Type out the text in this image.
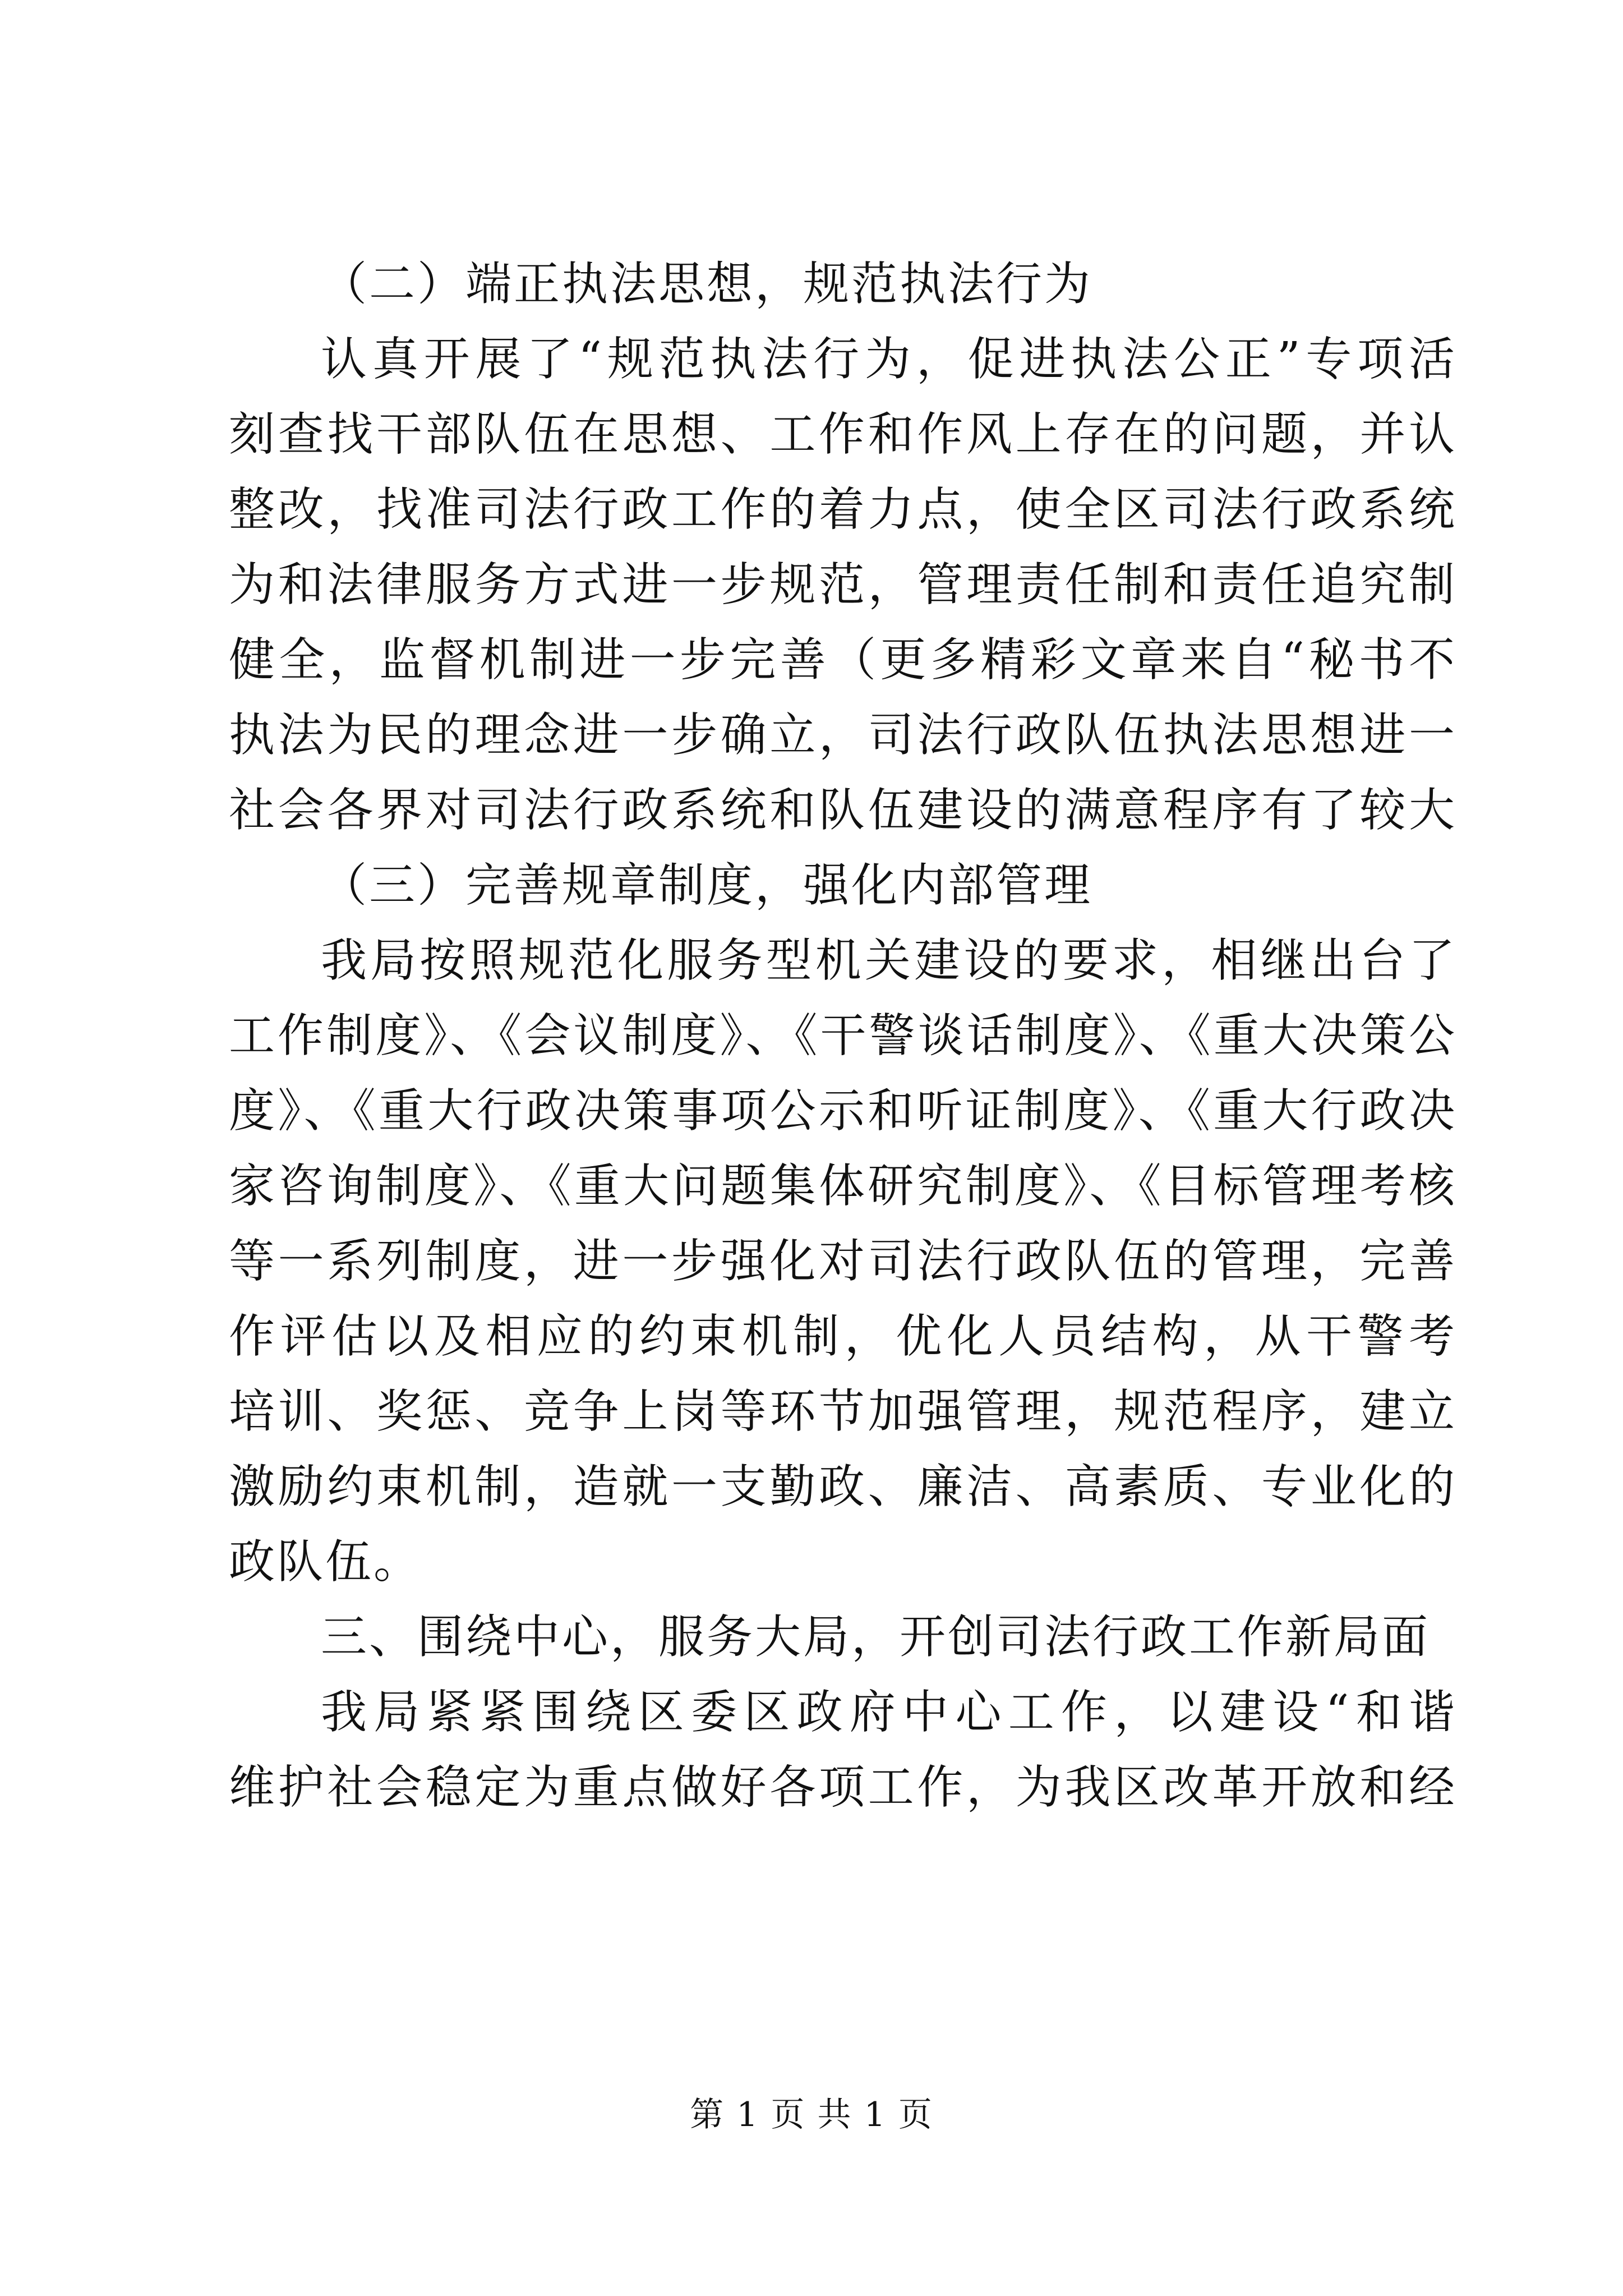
（二）端正执法思想，规范执法行为
认真开展了“规范执法行为，促进执法公正”专项活
刻查找干部队伍在思想、工作和作风上存在的问题，并认
整改，找准司法行政工作的着力点，使全区司法行政系统
为和法律服务方式进一步规范，管理责任制和责任追究制
健全，监督机制进一步完善（更多精彩文章来自“秘书不
执法为民的理念进一步确立，司法行政队伍执法思想进一
社会各界对司法行政系统和队伍建设的满意程序有了较大
（三）完善规章制度，强化内部管理
我局按照规范化服务型机关建设的要求，相继出台了
工作制度》、《会议制度》、《干警谈话制度》、《重大决策公
度》、《重大行政决策事项公示和听证制度》、《重大行政决
家咨询制度》、《重大问题集体研究制度》、《目标管理考核
等一系列制度，进一步强化对司法行政队伍的管理，完善
作评估以及相应的约束机制，优化人员结构，从干警考
培训、奖惩、竞争上岗等环节加强管理，规范程序，建立
激励约束机制，造就一支勤政、廉洁、高素质、专业化的
政队伍。
三、围绕中心，服务大局，开创司法行政工作新局面
我局紧紧围绕区委区政府中心工作，以建设“和谐
维护社会稳定为重点做好各项工作，为我区改革开放和经
第 1 页 共 1 页
